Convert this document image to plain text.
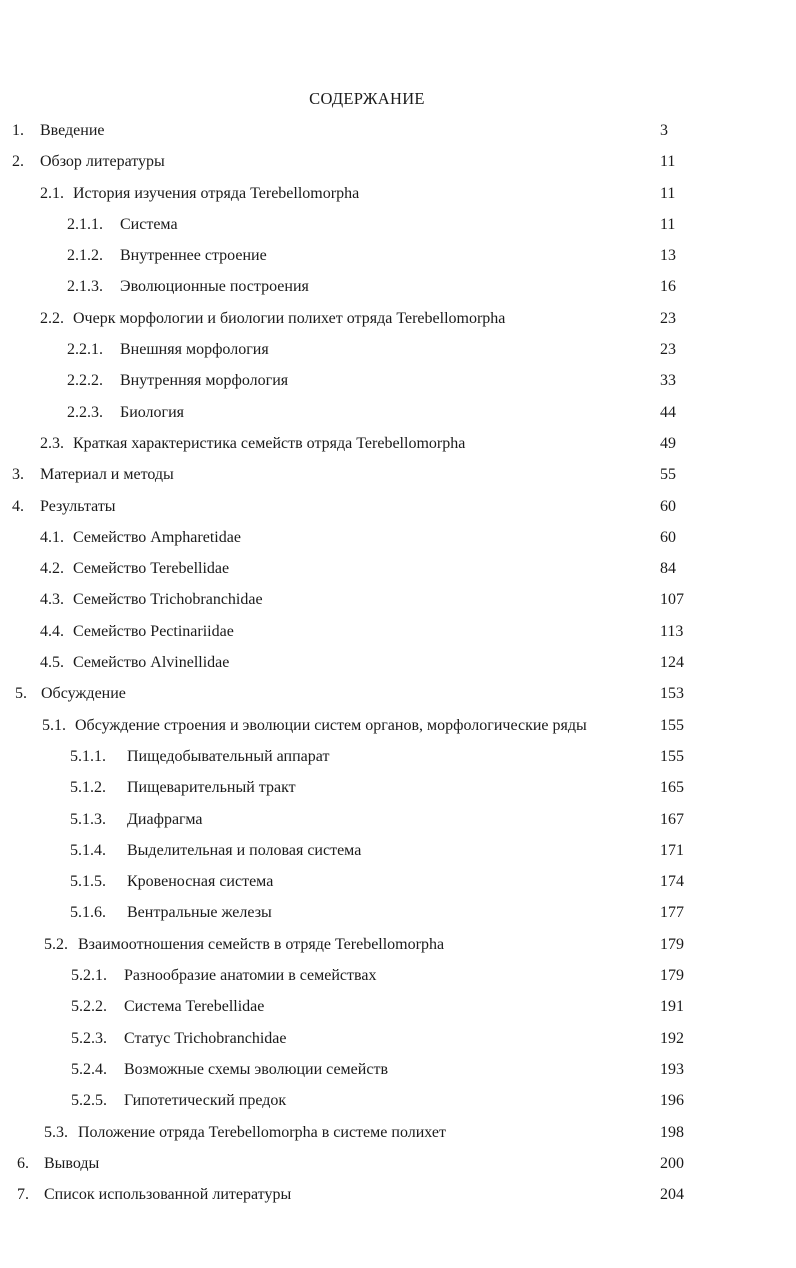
СОДЕРЖАНИЕ
1. Введение	3
2. Обзор литературы	11
2.1. История изучения отряда Terebellomorpha	11
2.1.1. Система	11
2.1.2. Внутреннее строение	13
2.1.3. Эволюционные построения	16
2.2. Очерк морфологии и биологии полихет отряда Terebellomorpha	23
2.2.1. Внешняя морфология	23
2.2.2. Внутренняя морфология	33
2.2.3. Биология	44
2.3. Краткая характеристика семейств отряда Terebellomorpha	49
3. Материал и методы	55
4. Результаты	60
4.1. Семейство Ampharetidae	60
4.2. Семейство Terebellidae	84
4.3. Семейство Trichobranchidae	107
4.4. Семейство Pectinariidae	113
4.5. Семейство Alvinellidae	124
5. Обсуждение	153
5.1. Обсуждение строения и эволюции систем органов, морфологические ряды	155
5.1.1. Пищедобывательный аппарат	155
5.1.2. Пищеварительный тракт	165
5.1.3. Диафрагма	167
5.1.4. Выделительная и половая система	171
5.1.5. Кровеносная система	174
5.1.6. Вентральные железы	177
5.2. Взаимоотношения семейств в отряде Terebellomorpha	179
5.2.1. Разнообразие анатомии в семействах	179
5.2.2. Система Terebellidae	191
5.2.3. Статус Trichobranchidae	192
5.2.4. Возможные схемы эволюции семейств	193
5.2.5. Гипотетический предок	196
5.3. Положение отряда Terebellomorpha в системе полихет	198
6. Выводы	200
7. Список использованной литературы	204
